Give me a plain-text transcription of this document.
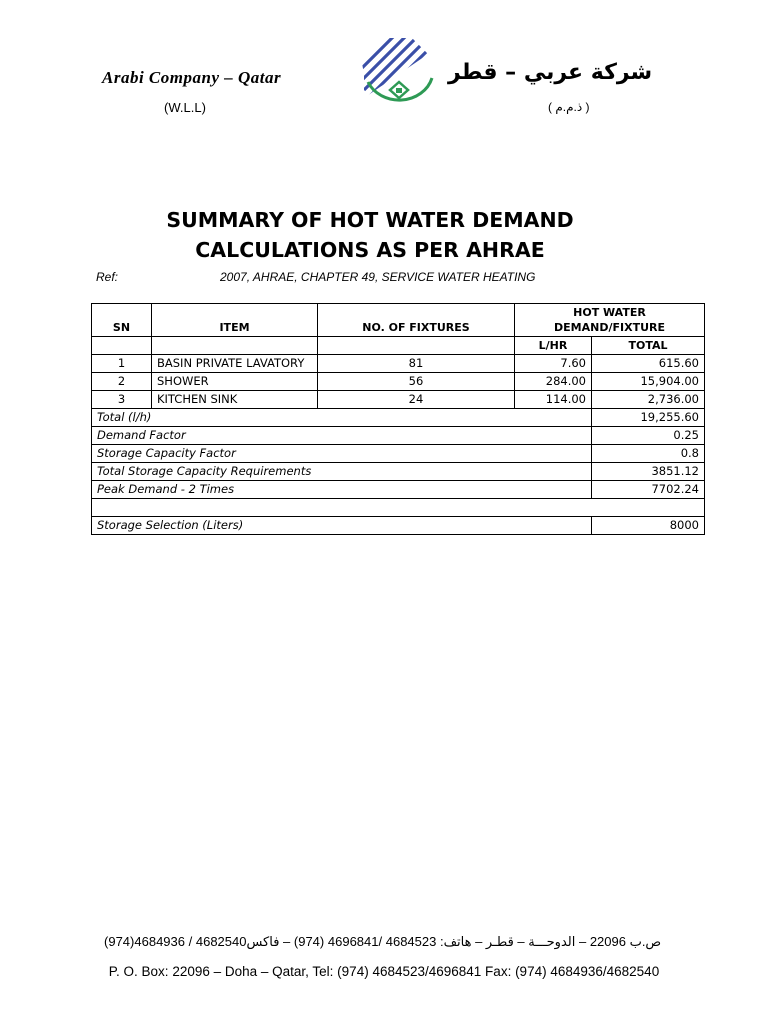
Arabi Company – Qatar	شركة عربي – قطر
(W.L.L)	( ذ.م.م )
SUMMARY OF HOT WATER DEMAND
CALCULATIONS AS PER AHRAE
Ref:	2007, AHRAE, CHAPTER 49, SERVICE WATER HEATING
SN	ITEM	NO. OF FIXTURES	HOT WATER
DEMAND/FIXTURE	

			L/HR	TOTAL
1	BASIN PRIVATE LAVATORY	81	7.60	615.60
2	SHOWER	56	284.00	15,904.00
3	KITCHEN SINK	24	114.00	2,736.00
Total (l/h)				19,255.60
Demand Factor				0.25
Storage Capacity Factor				0.8
Total Storage Capacity Requirements				3851.12
Peak Demand - 2 Times				7702.24

Storage Selection (Liters)				8000
ص.ب 22096 – الدوحـــة – قطـر – هاتف: 4684523 /4696841 (974) – فاكس4682540 / 4684936(974)
P. O. Box: 22096 – Doha – Qatar, Tel: (974) 4684523/4696841 Fax: (974) 4684936/4682540
